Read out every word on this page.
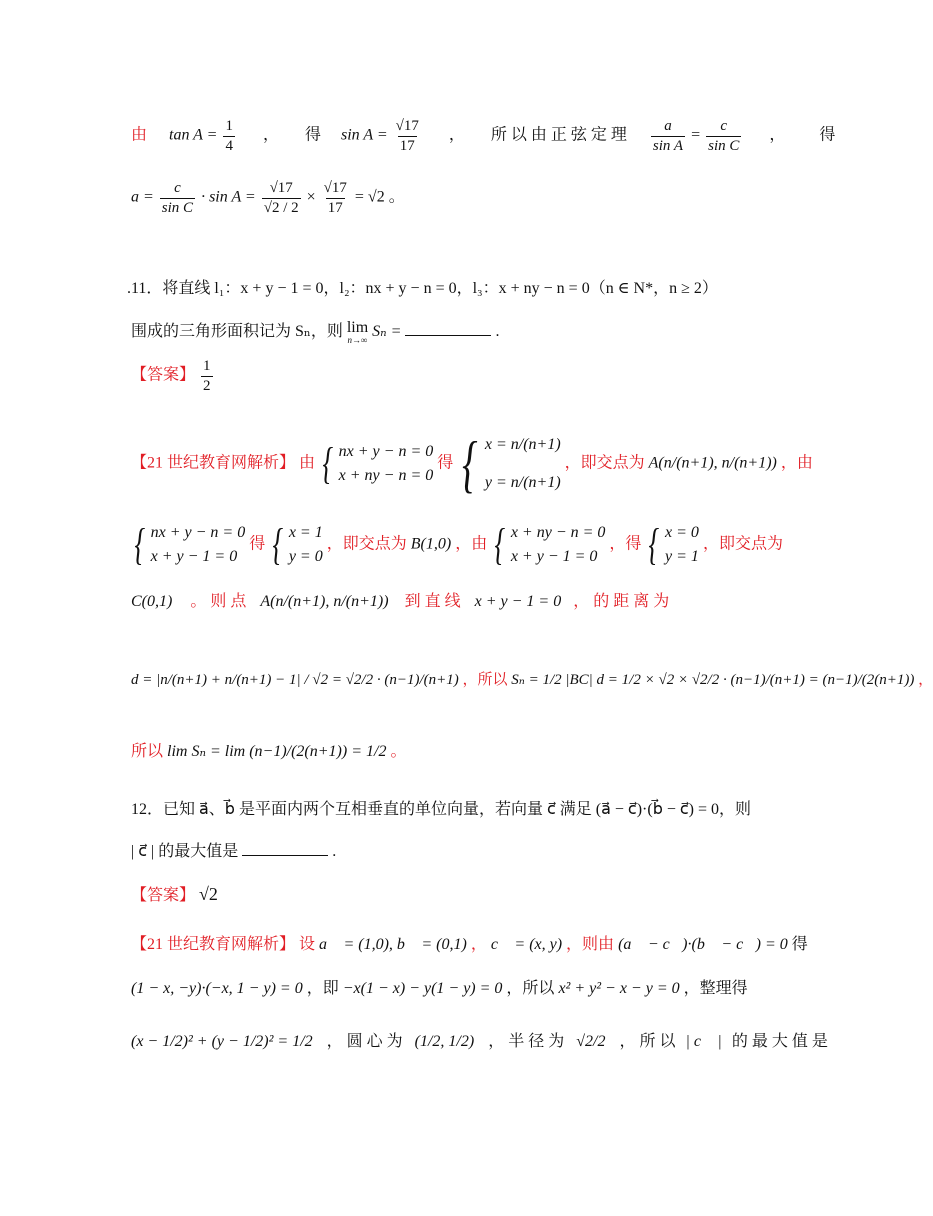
由 $\tan A = \frac{1}{4}$ ， 得 $\sin A = \frac{√17}{17}$ ， 所 以 由 正 弦 定 理 $\frac{a}{\text{sin A}} = \frac{c}{\text{sin C}}$ ， 得
$a = \frac{c}{\text{sin C}} \cdot \sin A = \frac{√17}{√2 / 2} \times \frac{√17}{17} = √2$ 。
.11．将直线 l₁：x + y − 1 = 0，l₂：nx + y − n = 0，l₃：x + ny − n = 0（n ∈ N*，n ≥ 2）
围成的三角形面积记为 Sₙ，则 lim
n→∞ Sₙ =	.
【答案】 $\frac{1}{2}$
【21 世纪教育网解析】 由 { nx + y − n = 0
x + ny − n = 0
得 { x = n/(n+1)
y = n/(n+1)
，即交点为 A(n/(n+1), n/(n+1)) ，由
{ nx + y − n = 0
x + y − 1 = 0
得 { x = 1
y = 0
，即交点为 B(1,0) ，由 { x + ny − n = 0
x + y − 1 = 0
，得 { x = 0
y = 1
，即交点为
C(0,1) 。 则 点 A(n/(n+1), n/(n+1)) 到 直 线 x + y − 1 = 0 ， 的 距 离 为
d = |n/(n+1) + n/(n+1) − 1| / √2 = √2/2 · (n−1)/(n+1) ，所以 Sₙ = 1/2 |BC| d = 1/2 × √2 × √2/2 · (n−1)/(n+1) = (n−1)/(2(n+1)) ，
所以 lim Sₙ = lim (n−1)/(2(n+1)) = 1/2 。
12．已知 a⃗、b⃗ 是平面内两个互相垂直的单位向量，若向量 c⃗ 满足 (a⃗ − c⃗)·(b⃗ − c⃗) = 0，则
| c⃗ | 的最大值是	.
【答案】 √2
【21 世纪教育网解析】 设 a⃗ = (1,0), b⃗ = (0,1) ， c⃗ = (x, y) ，则由 (a⃗ − c⃗)·(b⃗ − c⃗) = 0 得
(1 − x, −y)·(−x, 1 − y) = 0 ，即 −x(1 − x) − y(1 − y) = 0 ，所以 x² + y² − x − y = 0 ，整理得
(x − 1/2)² + (y − 1/2)² = 1/2 ， 圆 心 为 (1/2, 1/2) ， 半 径 为 √2/2 ， 所 以 | c⃗ | 的 最 大 值 是
